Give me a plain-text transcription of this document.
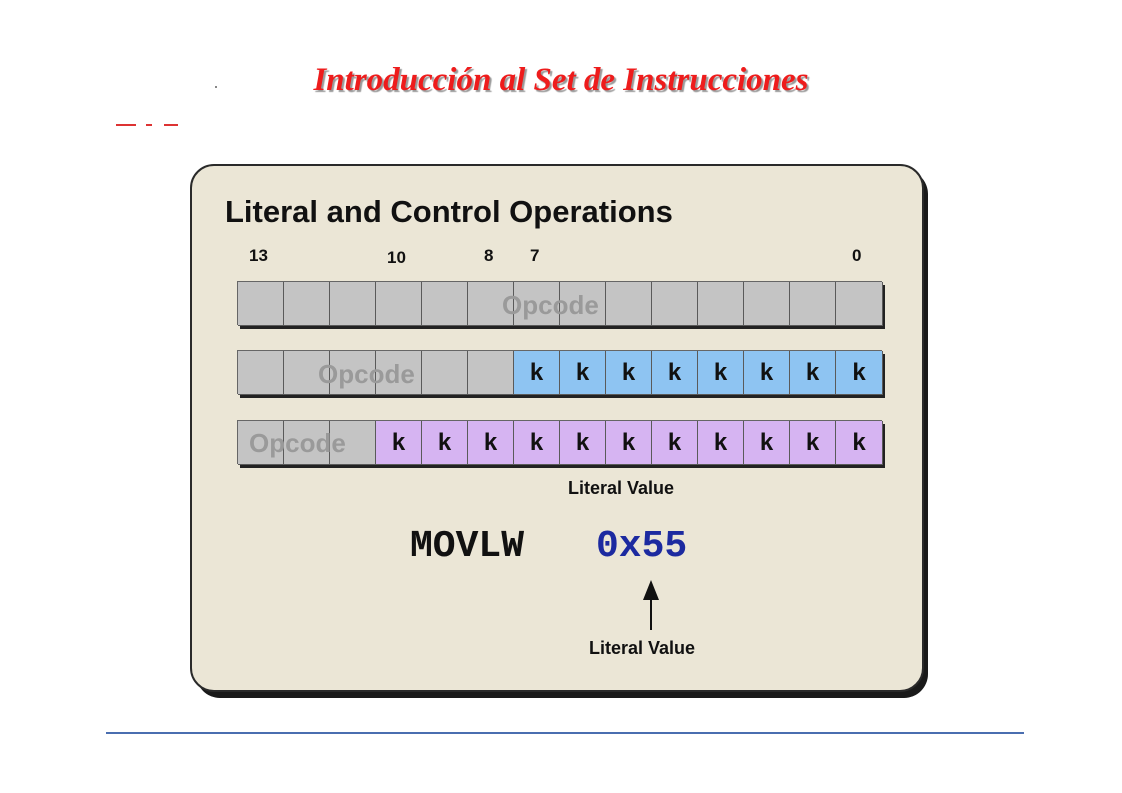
Introducción al Set de Instrucciones
Literal and Control Operations
13	10	8 7	0
Opcode
k	k	k	k	k	k	k	k
Opcode
k	k	k	k	k	k	k	k	k	k	k
Opcode
Literal Value
MOVLW 0x55
Literal Value
